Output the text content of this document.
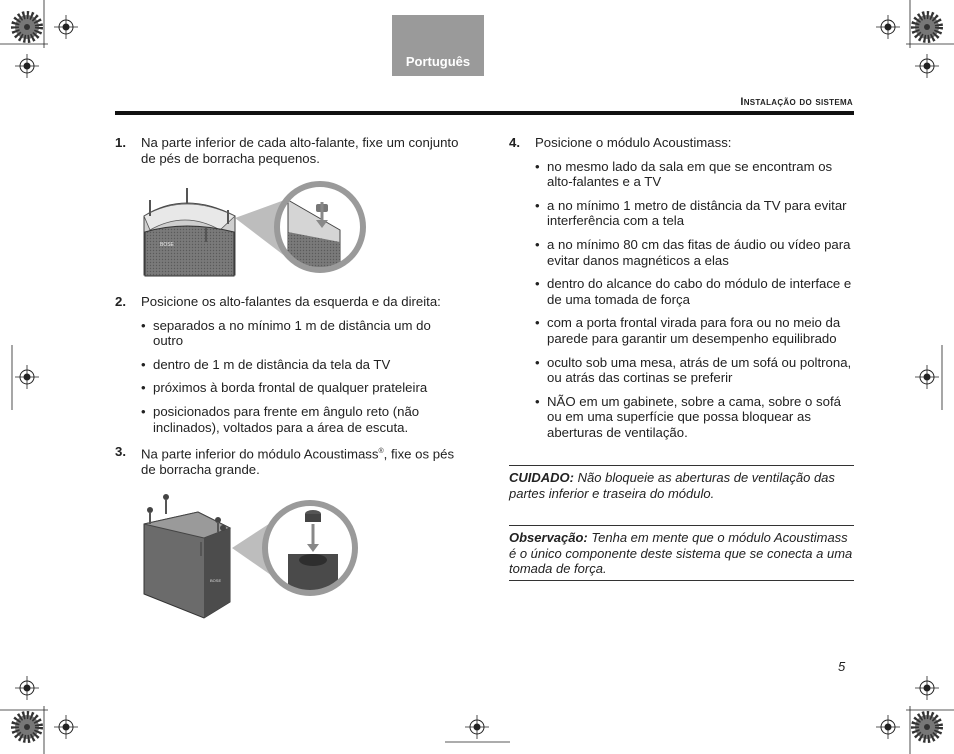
Português
Instalação do sistema
1. Na parte inferior de cada alto-falante, fixe um conjunto de pés de borracha pequenos.
BOSE
2. Posicione os alto-falantes da esquerda e da direita:
• separados a no mínimo 1 m de distância um do outro
• dentro de 1 m de distância da tela da TV
• próximos à borda frontal de qualquer prateleira
• posicionados para frente em ângulo reto (não inclinados), voltados para a área de escuta.
3. Na parte inferior do módulo Acoustimass®, fixe os pés de borracha grande.
BOSE
4. Posicione o módulo Acoustimass:
• no mesmo lado da sala em que se encontram os alto-falantes e a TV
• a no mínimo 1 metro de distância da TV para evitar interferência com a tela
• a no mínimo 80 cm das fitas de áudio ou vídeo para evitar danos magnéticos a elas
• dentro do alcance do cabo do módulo de interface e de uma tomada de força
• com a porta frontal virada para fora ou no meio da parede para garantir um desempenho equilibrado
• oculto sob uma mesa, atrás de um sofá ou poltrona, ou atrás das cortinas se preferir
• NÃO em um gabinete, sobre a cama, sobre o sofá ou em uma superfície que possa bloquear as aberturas de ventilação.
CUIDADO: Não bloqueie as aberturas de ventilação das partes inferior e traseira do módulo.
Observação: Tenha em mente que o módulo Acoustimass é o único componente deste sistema que se conecta a uma tomada de força.
5
